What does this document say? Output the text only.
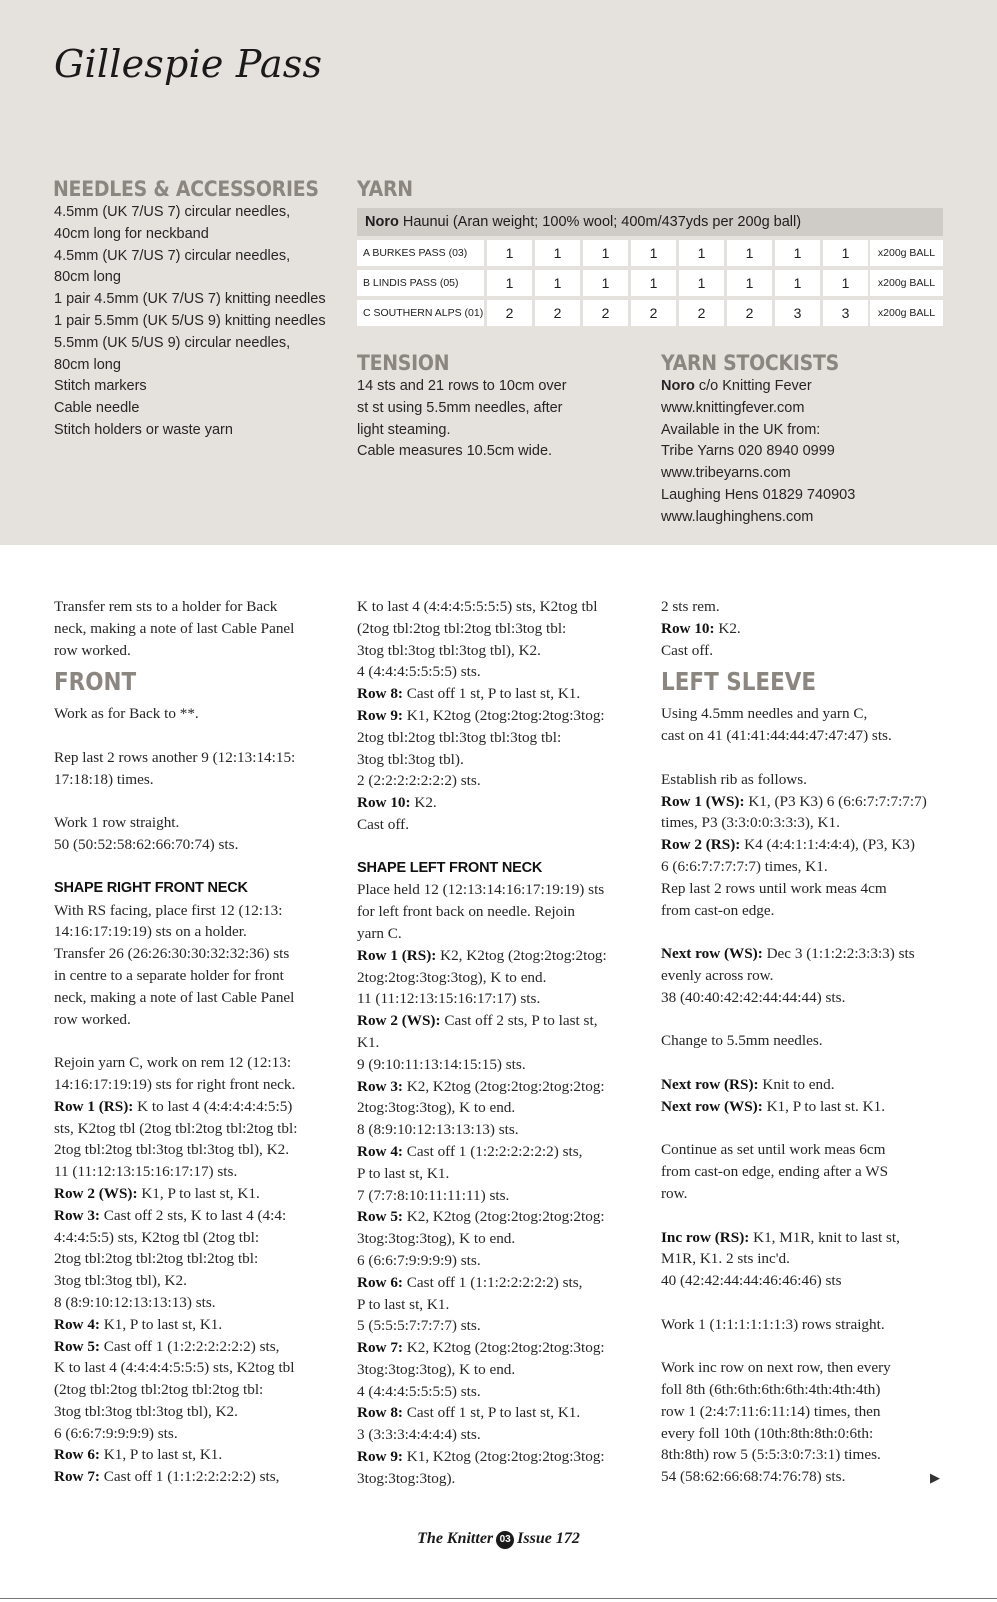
Gillespie Pass
NEEDLES & ACCESSORIES
4.5mm (UK 7/US 7) circular needles,
40cm long for neckband
4.5mm (UK 7/US 7) circular needles,
80cm long
1 pair 4.5mm (UK 7/US 7) knitting needles
1 pair 5.5mm (UK 5/US 9) knitting needles
5.5mm (UK 5/US 9) circular needles,
80cm long
Stitch markers
Cable needle
Stitch holders or waste yarn
YARN
Noro Haunui (Aran weight; 100% wool; 400m/437yds per 200g ball)
A BURKES PASS (03)	1	1	1	1	1	1	1	1	x200g BALL
B LINDIS PASS (05)	1	1	1	1	1	1	1	1	x200g BALL
C SOUTHERN ALPS (01)	2	2	2	2	2	2	3	3	x200g BALL
TENSION
14 sts and 21 rows to 10cm over
st st using 5.5mm needles, after
light steaming.
Cable measures 10.5cm wide.
YARN STOCKISTS
Noro c/o Knitting Fever
www.knittingfever.com
Available in the UK from:
Tribe Yarns 020 8940 0999
www.tribeyarns.com
Laughing Hens 01829 740903
www.laughinghens.com
Transfer rem sts to a holder for Back
neck, making a note of last Cable Panel
row worked.
FRONT
Work as for Back to **.
Rep last 2 rows another 9 (12:13:14:15:
17:18:18) times.
Work 1 row straight.
50 (50:52:58:62:66:70:74) sts.
SHAPE RIGHT FRONT NECK
With RS facing, place first 12 (12:13:
14:16:17:19:19) sts on a holder.
Transfer 26 (26:26:30:30:32:32:36) sts
in centre to a separate holder for front
neck, making a note of last Cable Panel
row worked.
Rejoin yarn C, work on rem 12 (12:13:
14:16:17:19:19) sts for right front neck.
Row 1 (RS): K to last 4 (4:4:4:4:4:5:5)
sts, K2tog tbl (2tog tbl:2tog tbl:2tog tbl:
2tog tbl:2tog tbl:3tog tbl:3tog tbl), K2.
11 (11:12:13:15:16:17:17) sts.
Row 2 (WS): K1, P to last st, K1.
Row 3: Cast off 2 sts, K to last 4 (4:4:
4:4:4:5:5) sts, K2tog tbl (2tog tbl:
2tog tbl:2tog tbl:2tog tbl:2tog tbl:
3tog tbl:3tog tbl), K2.
8 (8:9:10:12:13:13:13) sts.
Row 4: K1, P to last st, K1.
Row 5: Cast off 1 (1:2:2:2:2:2:2) sts,
K to last 4 (4:4:4:4:5:5:5) sts, K2tog tbl
(2tog tbl:2tog tbl:2tog tbl:2tog tbl:
3tog tbl:3tog tbl:3tog tbl), K2.
6 (6:6:7:9:9:9:9) sts.
Row 6: K1, P to last st, K1.
Row 7: Cast off 1 (1:1:2:2:2:2:2) sts,
K to last 4 (4:4:4:5:5:5:5) sts, K2tog tbl
(2tog tbl:2tog tbl:2tog tbl:3tog tbl:
3tog tbl:3tog tbl:3tog tbl), K2.
4 (4:4:4:5:5:5:5) sts.
Row 8: Cast off 1 st, P to last st, K1.
Row 9: K1, K2tog (2tog:2tog:2tog:3tog:
2tog tbl:2tog tbl:3tog tbl:3tog tbl:
3tog tbl:3tog tbl).
2 (2:2:2:2:2:2:2) sts.
Row 10: K2.
Cast off.
SHAPE LEFT FRONT NECK
Place held 12 (12:13:14:16:17:19:19) sts
for left front back on needle. Rejoin
yarn C.
Row 1 (RS): K2, K2tog (2tog:2tog:2tog:
2tog:2tog:3tog:3tog), K to end.
11 (11:12:13:15:16:17:17) sts.
Row 2 (WS): Cast off 2 sts, P to last st,
K1.
9 (9:10:11:13:14:15:15) sts.
Row 3: K2, K2tog (2tog:2tog:2tog:2tog:
2tog:3tog:3tog), K to end.
8 (8:9:10:12:13:13:13) sts.
Row 4: Cast off 1 (1:2:2:2:2:2:2) sts,
P to last st, K1.
7 (7:7:8:10:11:11:11) sts.
Row 5: K2, K2tog (2tog:2tog:2tog:2tog:
3tog:3tog:3tog), K to end.
6 (6:6:7:9:9:9:9) sts.
Row 6: Cast off 1 (1:1:2:2:2:2:2) sts,
P to last st, K1.
5 (5:5:5:7:7:7:7) sts.
Row 7: K2, K2tog (2tog:2tog:2tog:3tog:
3tog:3tog:3tog), K to end.
4 (4:4:4:5:5:5:5) sts.
Row 8: Cast off 1 st, P to last st, K1.
3 (3:3:3:4:4:4:4) sts.
Row 9: K1, K2tog (2tog:2tog:2tog:3tog:
3tog:3tog:3tog).
2 sts rem.
Row 10: K2.
Cast off.
LEFT SLEEVE
Using 4.5mm needles and yarn C,
cast on 41 (41:41:44:44:47:47:47) sts.
Establish rib as follows.
Row 1 (WS): K1, (P3 K3) 6 (6:6:7:7:7:7:7)
times, P3 (3:3:0:0:3:3:3), K1.
Row 2 (RS): K4 (4:4:1:1:4:4:4), (P3, K3)
6 (6:6:7:7:7:7:7) times, K1.
Rep last 2 rows until work meas 4cm
from cast-on edge.
Next row (WS): Dec 3 (1:1:2:2:3:3:3) sts
evenly across row.
38 (40:40:42:42:44:44:44) sts.
Change to 5.5mm needles.
Next row (RS): Knit to end.
Next row (WS): K1, P to last st. K1.
Continue as set until work meas 6cm
from cast-on edge, ending after a WS
row.
Inc row (RS): K1, M1R, knit to last st,
M1R, K1. 2 sts inc'd.
40 (42:42:44:44:46:46:46) sts
Work 1 (1:1:1:1:1:1:3) rows straight.
Work inc row on next row, then every
foll 8th (6th:6th:6th:6th:4th:4th:4th)
row 1 (2:4:7:11:6:11:14) times, then
every foll 10th (10th:8th:8th:0:6th:
8th:8th) row 5 (5:5:3:0:7:3:1) times.
54 (58:62:66:68:74:76:78) sts.	▶
The Knitter 03 Issue 172
